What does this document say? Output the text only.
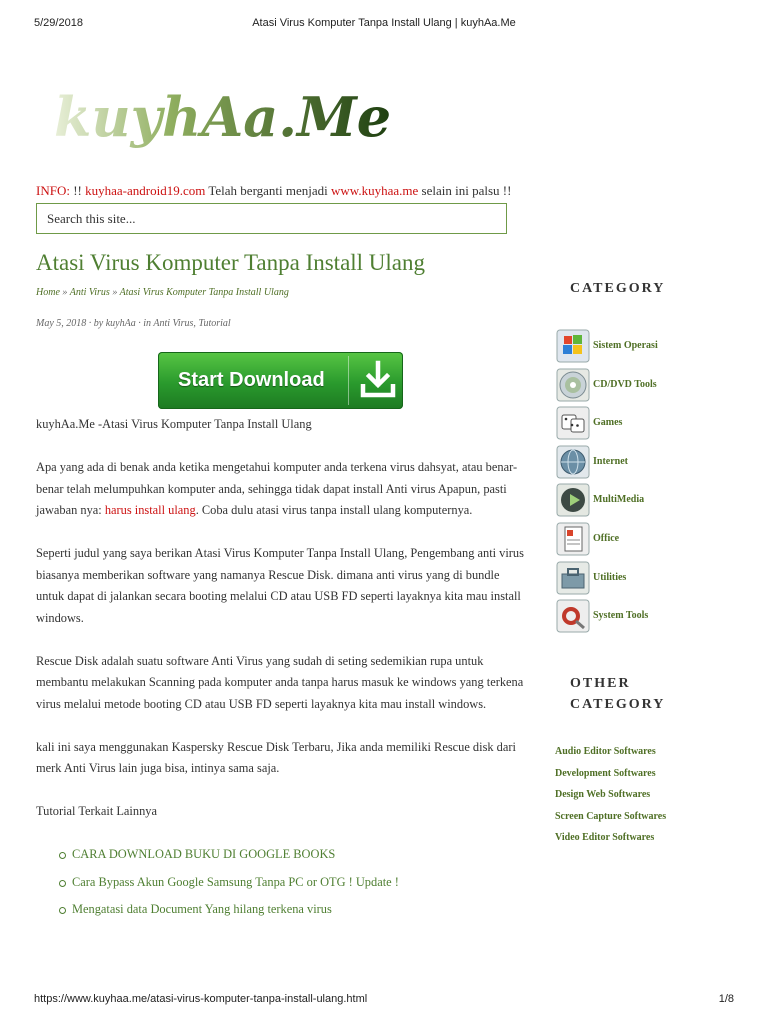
5/29/2018	Atasi Virus Komputer Tanpa Install Ulang | kuyhAa.Me
kuyhAa.Me
INFO: !! kuyhaa-android19.com Telah berganti menjadi www.kuyhaa.me selain ini palsu !!
Search this site...
Atasi Virus Komputer Tanpa Install Ulang
Home » Anti Virus » Atasi Virus Komputer Tanpa Install Ulang
May 5, 2018 · by kuyhAa · in Anti Virus, Tutorial
Start Download

kuyhAa.Me -Atasi Virus Komputer Tanpa Install Ulang

Apa yang ada di benak anda ketika mengetahui komputer anda terkena virus dahsyat, atau benar-benar telah melumpuhkan komputer anda, sehingga tidak dapat install Anti virus Apapun, pasti jawaban nya: harus install ulang. Coba dulu atasi virus tanpa install ulang komputernya.

Seperti judul yang saya berikan Atasi Virus Komputer Tanpa Install Ulang, Pengembang anti virus biasanya memberikan software yang namanya Rescue Disk. dimana anti virus yang di bundle untuk dapat di jalankan secara booting melalui CD atau USB FD seperti layaknya kita mau install windows.

Rescue Disk adalah suatu software Anti Virus yang sudah di seting sedemikian rupa untuk membantu melakukan Scanning pada komputer anda tanpa harus masuk ke windows yang terkena virus melalui metode booting CD atau USB FD seperti layaknya kita mau install windows.

kali ini saya menggunakan Kaspersky Rescue Disk Terbaru, Jika anda memiliki Rescue disk dari merk Anti Virus lain juga bisa, intinya sama saja.

Tutorial Terkait Lainnya

CARA DOWNLOAD BUKU DI GOOGLE BOOKS
Cara Bypass Akun Google Samsung Tanpa PC or OTG ! Update !
Mengatasi data Document Yang hilang terkena virus
CATEGORY
Sistem Operasi
CD/DVD Tools
Games
Internet
MultiMedia
Office
Utilities
System Tools
OTHER
CATEGORY
Audio Editor Softwares
Development Softwares
Design Web Softwares
Screen Capture Softwares
Video Editor Softwares
https://www.kuyhaa.me/atasi-virus-komputer-tanpa-install-ulang.html	1/8
